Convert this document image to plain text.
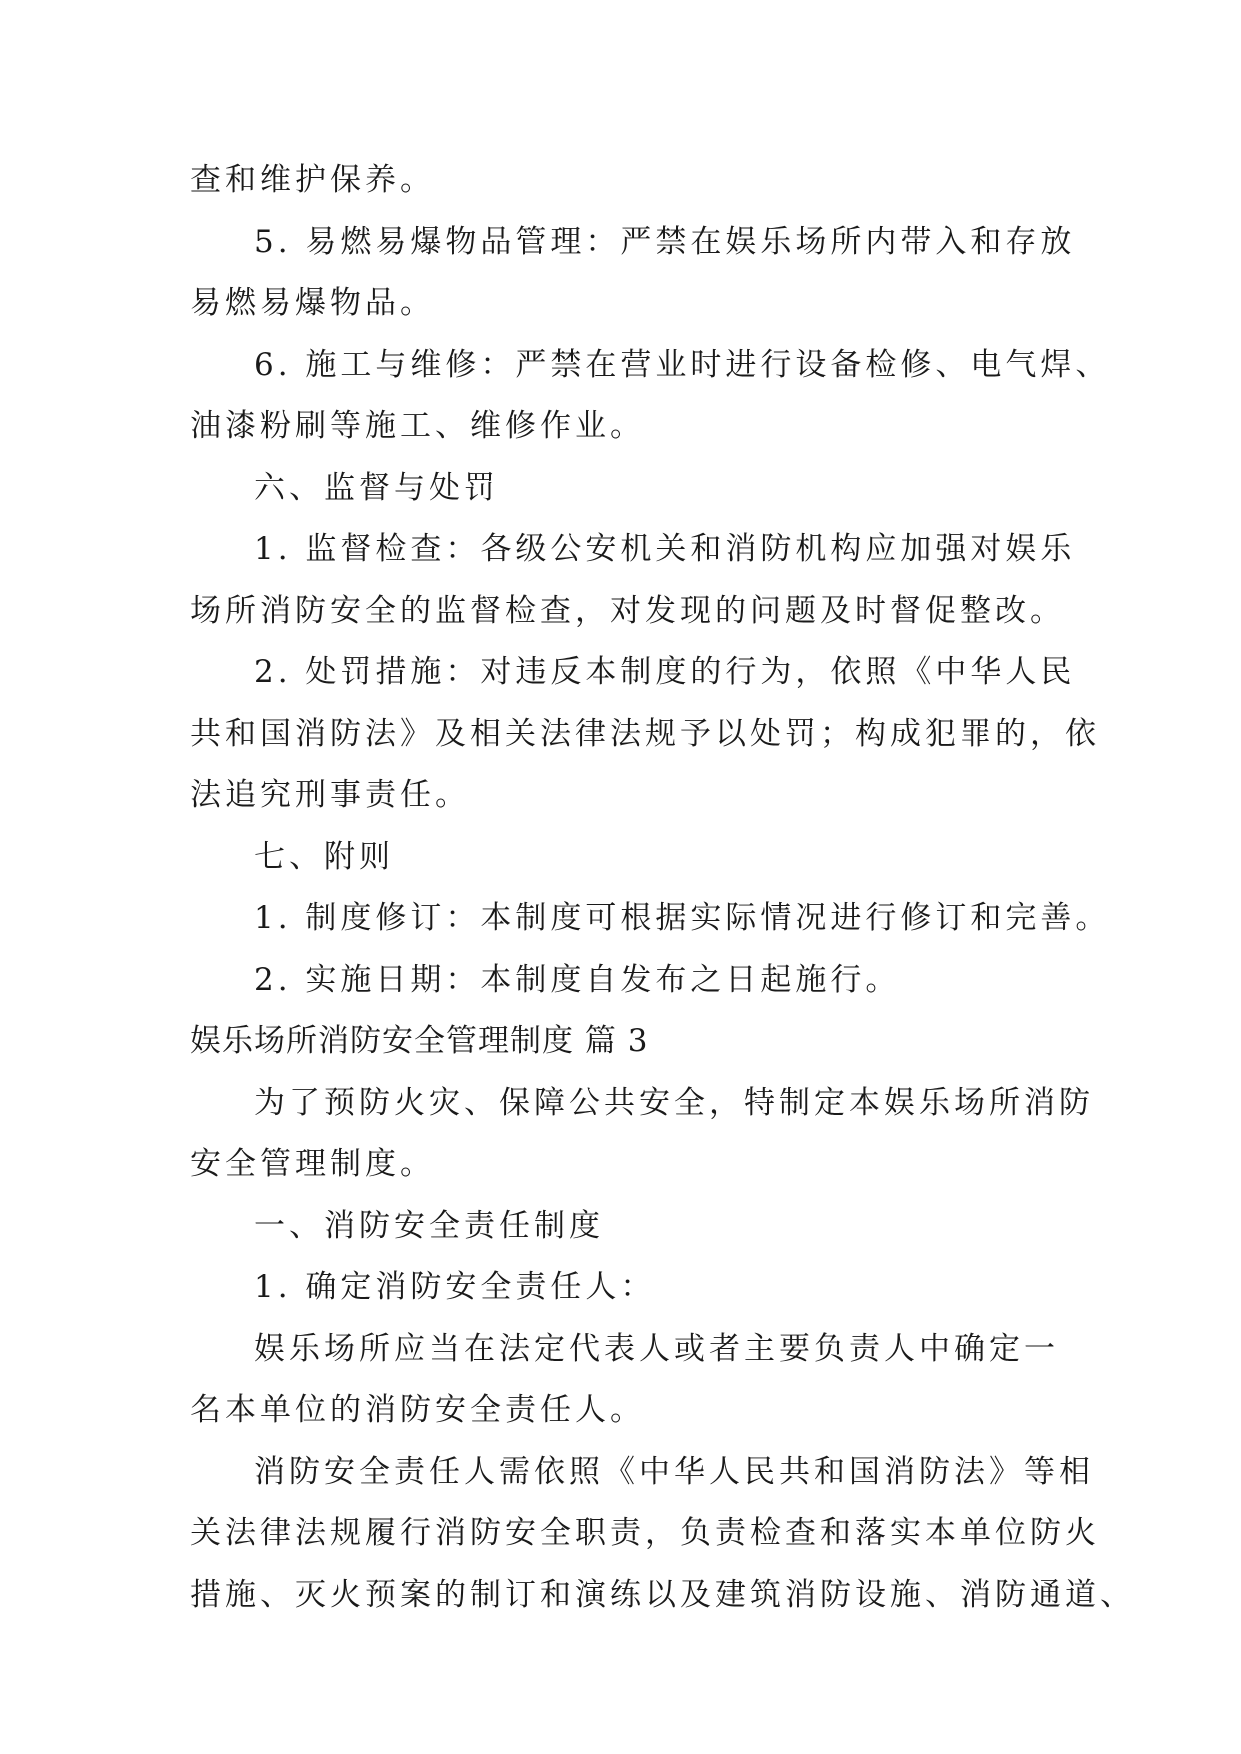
查和维护保养。

5. 易燃易爆物品管理：严禁在娱乐场所内带入和存放

易燃易爆物品。

6. 施工与维修：严禁在营业时进行设备检修、电气焊、

油漆粉刷等施工、维修作业。

六、监督与处罚

1. 监督检查：各级公安机关和消防机构应加强对娱乐

场所消防安全的监督检查，对发现的问题及时督促整改。

2. 处罚措施：对违反本制度的行为，依照《中华人民

共和国消防法》及相关法律法规予以处罚；构成犯罪的，依

法追究刑事责任。

七、附则

1. 制度修订：本制度可根据实际情况进行修订和完善。

2. 实施日期：本制度自发布之日起施行。

娱乐场所消防安全管理制度 篇 3

为了预防火灾、保障公共安全，特制定本娱乐场所消防

安全管理制度。

一、消防安全责任制度

1. 确定消防安全责任人：

娱乐场所应当在法定代表人或者主要负责人中确定一

名本单位的消防安全责任人。

消防安全责任人需依照《中华人民共和国消防法》等相

关法律法规履行消防安全职责，负责检查和落实本单位防火

措施、灭火预案的制订和演练以及建筑消防设施、消防通道、
